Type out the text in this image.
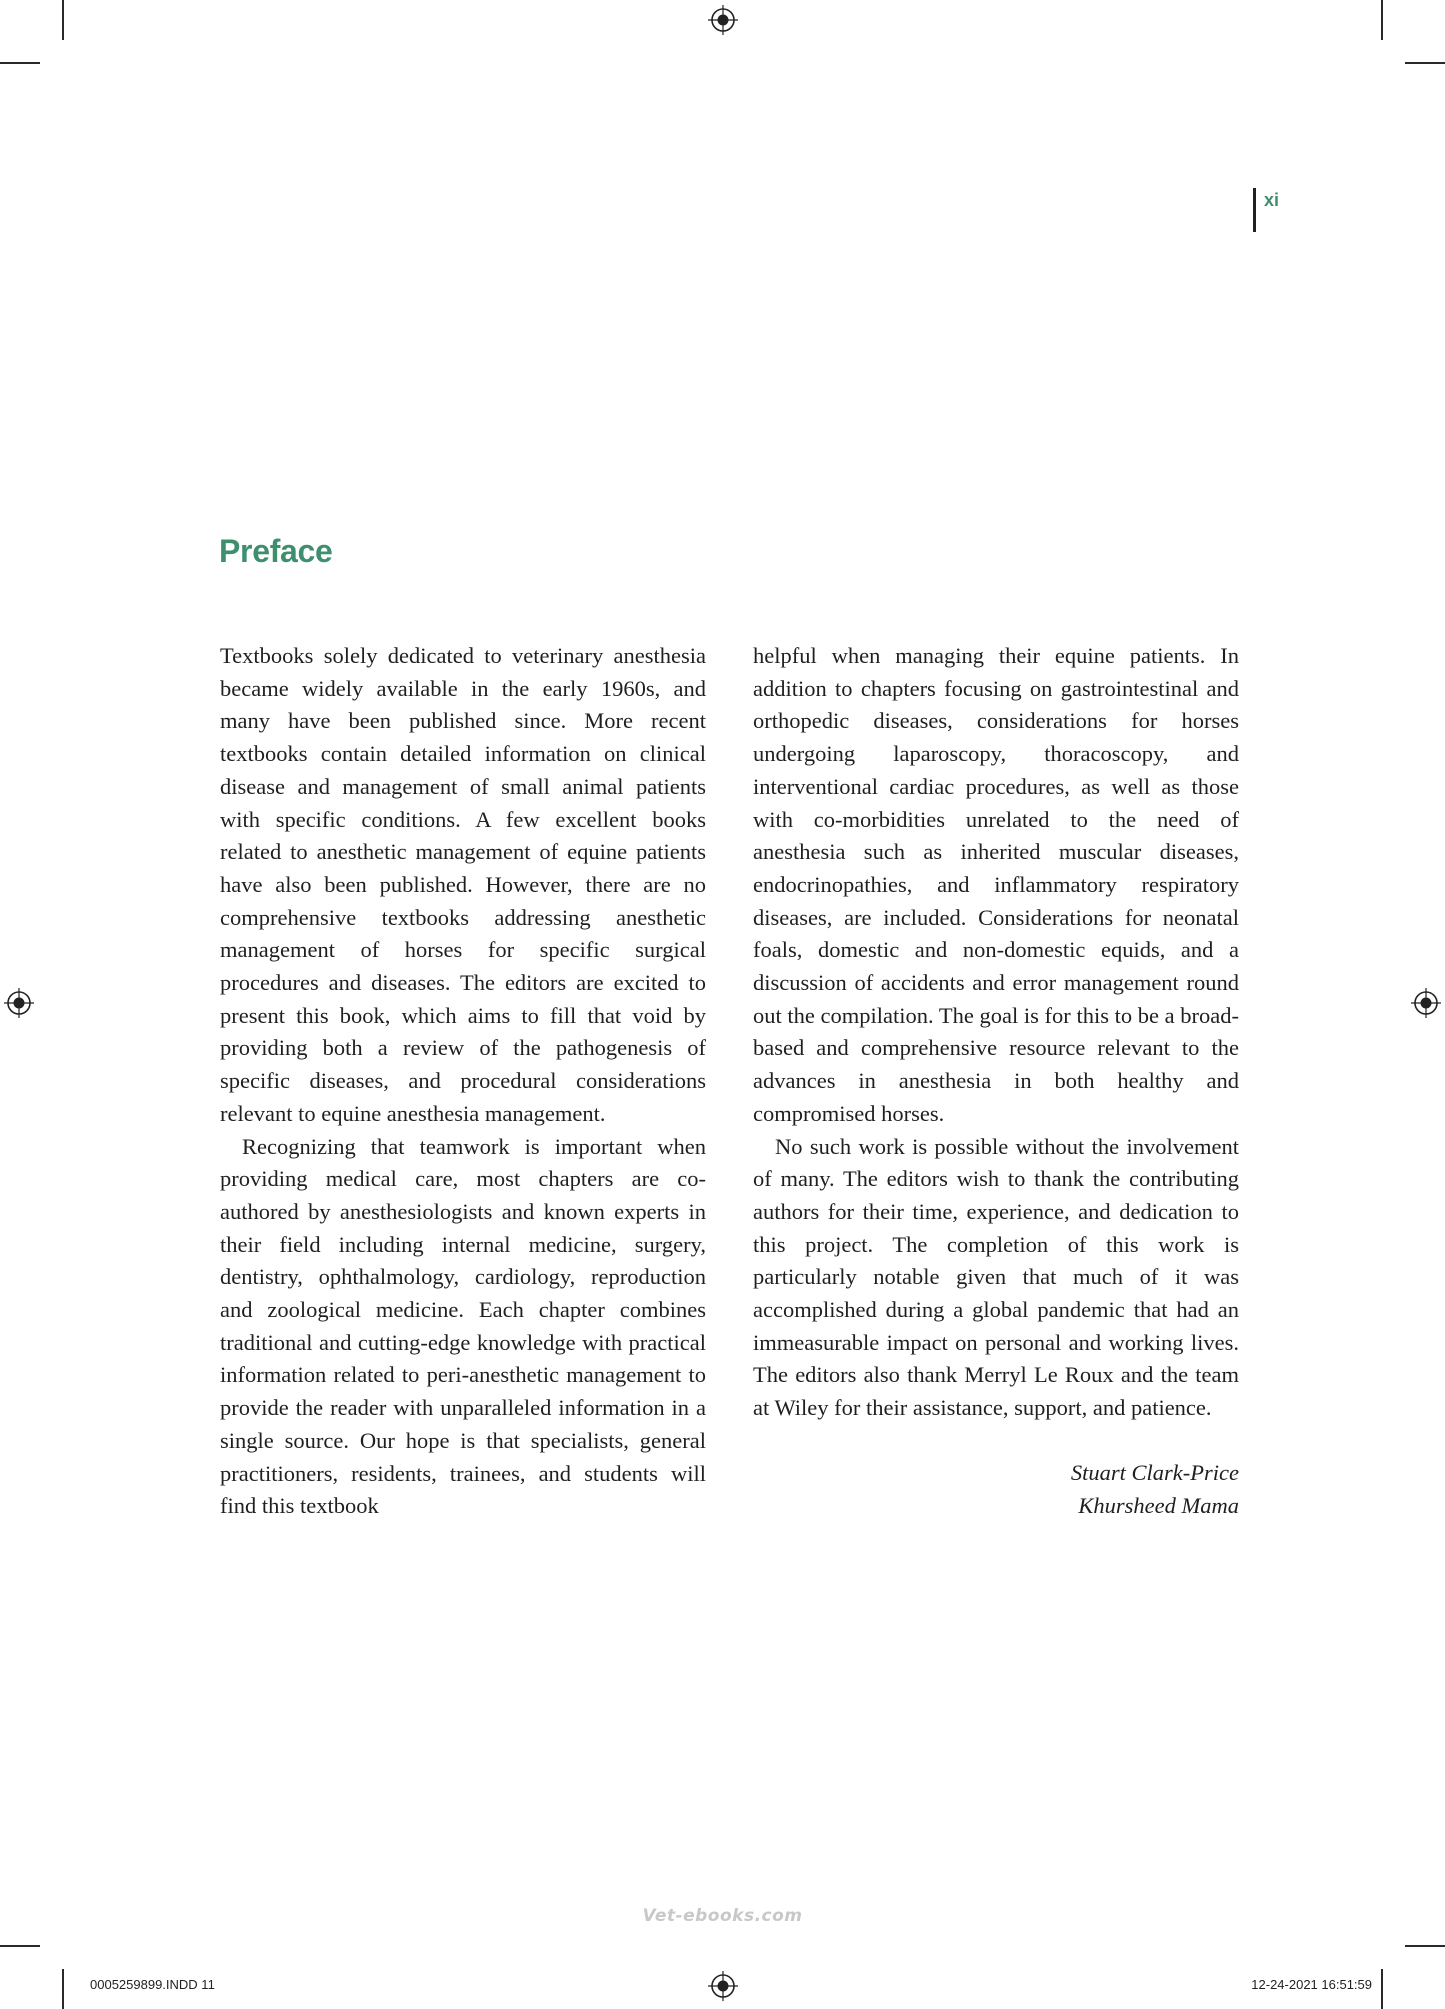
xi
Preface

Textbooks solely dedicated to veterinary anesthesia became widely available in the early 1960s, and many have been published since. More recent textbooks contain detailed information on clinical disease and management of small animal patients with specific conditions. A few excellent books related to anesthetic management of equine patients have also been published. However, there are no comprehensive textbooks addressing anesthetic management of horses for specific surgical procedures and diseases. The editors are excited to present this book, which aims to fill that void by providing both a review of the pathogenesis of specific diseases, and procedural considerations relevant to equine anesthesia management.

Recognizing that teamwork is important when providing medical care, most chapters are co-authored by anesthesiologists and known experts in their field including internal medicine, surgery, dentistry, ophthalmology, cardiology, reproduction and zoological medicine. Each chapter combines traditional and cutting-edge knowledge with practical information related to peri-anesthetic management to provide the reader with unparalleled information in a single source. Our hope is that specialists, general practitioners, residents, trainees, and students will find this textbook

helpful when managing their equine patients. In addition to chapters focusing on gastrointestinal and orthopedic diseases, considerations for horses undergoing laparoscopy, thoracoscopy, and interventional cardiac procedures, as well as those with co-morbidities unrelated to the need of anesthesia such as inherited muscular diseases, endocrinopathies, and inflammatory respiratory diseases, are included. Considerations for neonatal foals, domestic and non-domestic equids, and a discussion of accidents and error management round out the compilation. The goal is for this to be a broad-based and comprehensive resource relevant to the advances in anesthesia in both healthy and compromised horses.

No such work is possible without the involvement of many. The editors wish to thank the contributing authors for their time, experience, and dedication to this project. The completion of this work is particularly notable given that much of it was accomplished during a global pandemic that had an immeasurable impact on personal and working lives. The editors also thank Merryl Le Roux and the team at Wiley for their assistance, support, and patience.

Stuart Clark-Price
Khursheed Mama
Vet-ebooks.com
0005259899.INDD 11	12-24-2021 16:51:59
